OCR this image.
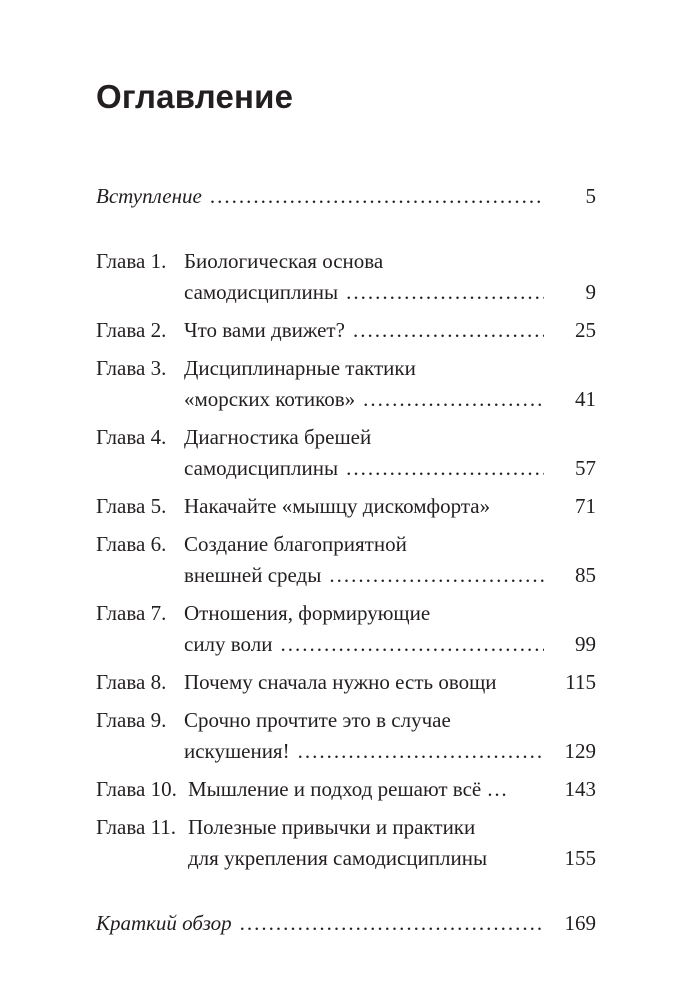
Оглавление
Вступление .....	5
Глава 1. Биологическая основа
самодисциплины .....	9
Глава 2. Что вами движет? .....	25
Глава 3. Дисциплинарные тактики
«морских котиков» .....	41
Глава 4. Диагностика брешей
самодисциплины .....	57
Глава 5. Накачайте «мышцу дискомфорта»	71
Глава 6. Создание благоприятной
внешней среды .....	85
Глава 7. Отношения, формирующие
силу воли .....	99
Глава 8. Почему сначала нужно есть овощи	115
Глава 9. Срочно прочтите это в случае
искушения! .....	129
Глава 10. Мышление и подход решают всё …	143
Глава 11. Полезные привычки и практики
для укрепления самодисциплины	155
Краткий обзор .....	169
